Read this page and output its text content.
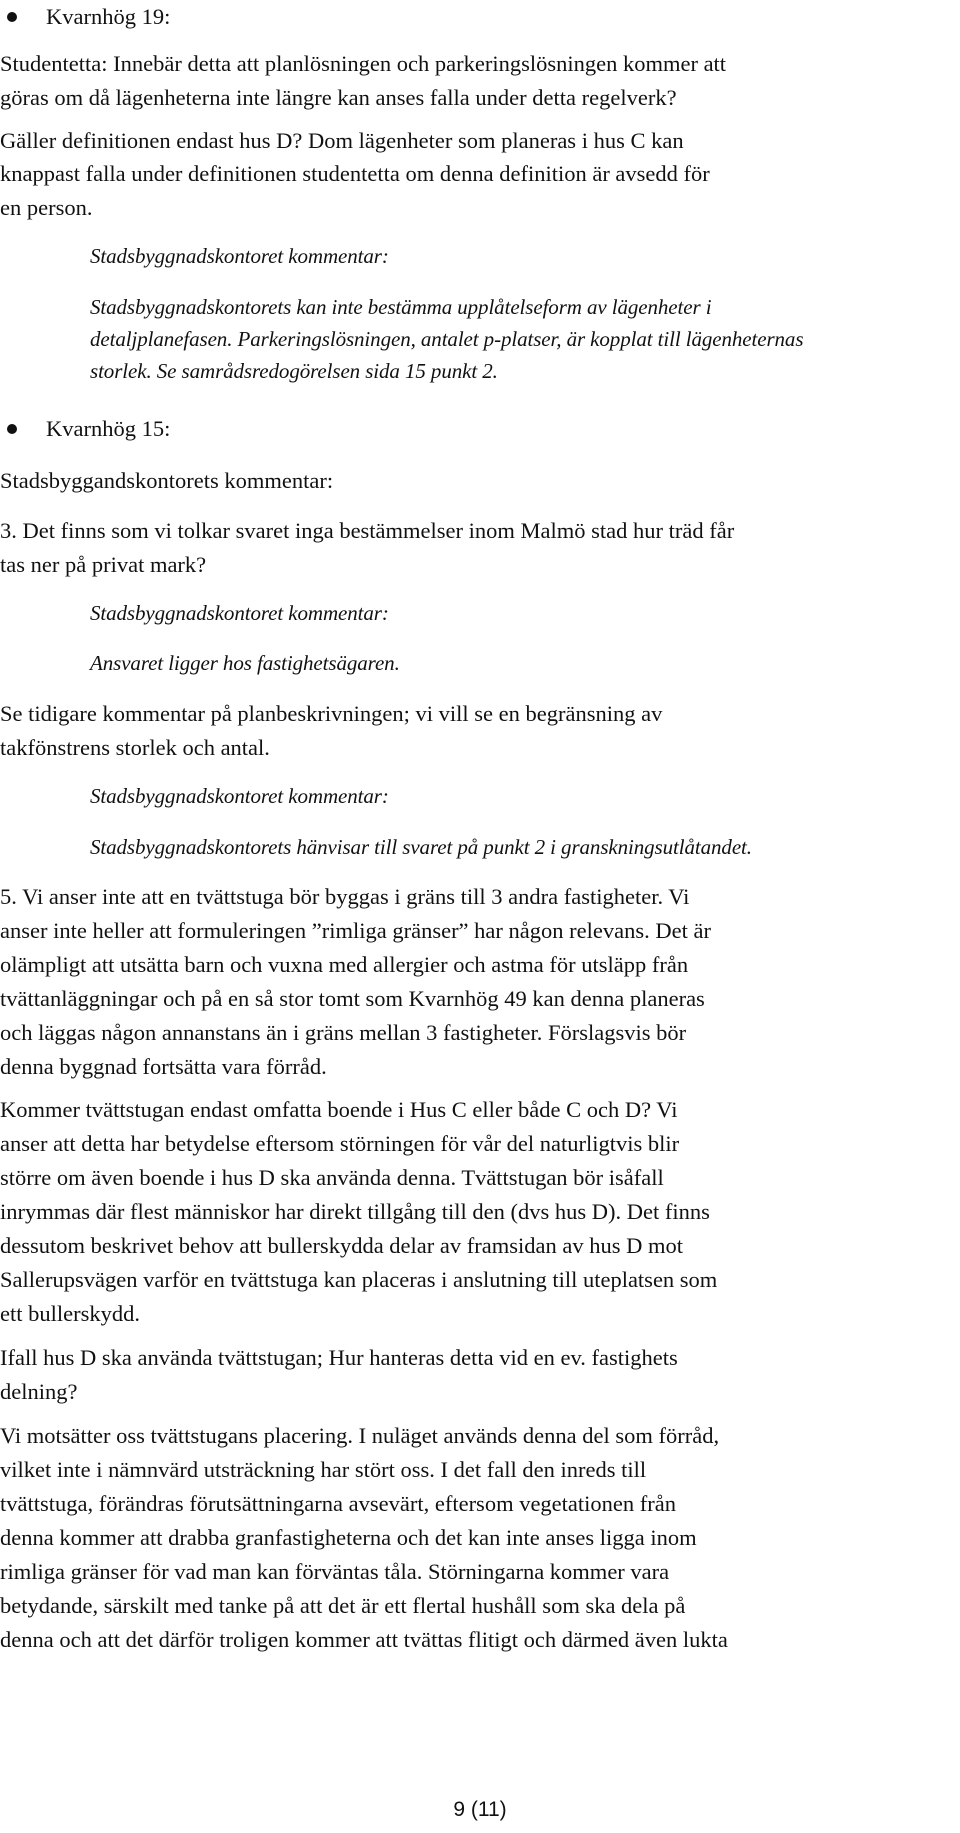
Kvarnhög 19:
Studentetta: Innebär detta att planlösningen och parkeringslösningen kommer att
göras om då lägenheterna inte längre kan anses falla under detta regelverk?
Gäller definitionen endast hus D? Dom lägenheter som planeras i hus C kan
knappast falla under definitionen studentetta om denna definition är avsedd för
en person.
Stadsbyggnadskontoret kommentar:
Stadsbyggnadskontorets kan inte bestämma upplåtelseform av lägenheter i
detaljplanefasen. Parkeringslösningen, antalet p-platser, är kopplat till lägenheternas
storlek. Se samrådsredogörelsen sida 15 punkt 2.
Kvarnhög 15:
Stadsbyggandskontorets kommentar:
3. Det finns som vi tolkar svaret inga bestämmelser inom Malmö stad hur träd får
tas ner på privat mark?
Stadsbyggnadskontoret kommentar:
Ansvaret ligger hos fastighetsägaren.
Se tidigare kommentar på planbeskrivningen; vi vill se en begränsning av
takfönstrens storlek och antal.
Stadsbyggnadskontoret kommentar:
Stadsbyggnadskontorets hänvisar till svaret på punkt 2 i granskningsutlåtandet.
5. Vi anser inte att en tvättstuga bör byggas i gräns till 3 andra fastigheter. Vi
anser inte heller att formuleringen ”rimliga gränser” har någon relevans. Det är
olämpligt att utsätta barn och vuxna med allergier och astma för utsläpp från
tvättanläggningar och på en så stor tomt som Kvarnhög 49 kan denna planeras
och läggas någon annanstans än i gräns mellan 3 fastigheter. Förslagsvis bör
denna byggnad fortsätta vara förråd.
Kommer tvättstugan endast omfatta boende i Hus C eller både C och D? Vi
anser att detta har betydelse eftersom störningen för vår del naturligtvis blir
större om även boende i hus D ska använda denna. Tvättstugan bör isåfall
inrymmas där flest människor har direkt tillgång till den (dvs hus D). Det finns
dessutom beskrivet behov att bullerskydda delar av framsidan av hus D mot
Sallerupsvägen varför en tvättstuga kan placeras i anslutning till uteplatsen som
ett bullerskydd.
Ifall hus D ska använda tvättstugan; Hur hanteras detta vid en ev. fastighets
delning?
Vi motsätter oss tvättstugans placering. I nuläget används denna del som förråd,
vilket inte i nämnvärd utsträckning har stört oss. I det fall den inreds till
tvättstuga, förändras förutsättningarna avsevärt, eftersom vegetationen från
denna kommer att drabba granfastigheterna och det kan inte anses ligga inom
rimliga gränser för vad man kan förväntas tåla. Störningarna kommer vara
betydande, särskilt med tanke på att det är ett flertal hushåll som ska dela på
denna och att det därför troligen kommer att tvättas flitigt och därmed även lukta
9 (11)
